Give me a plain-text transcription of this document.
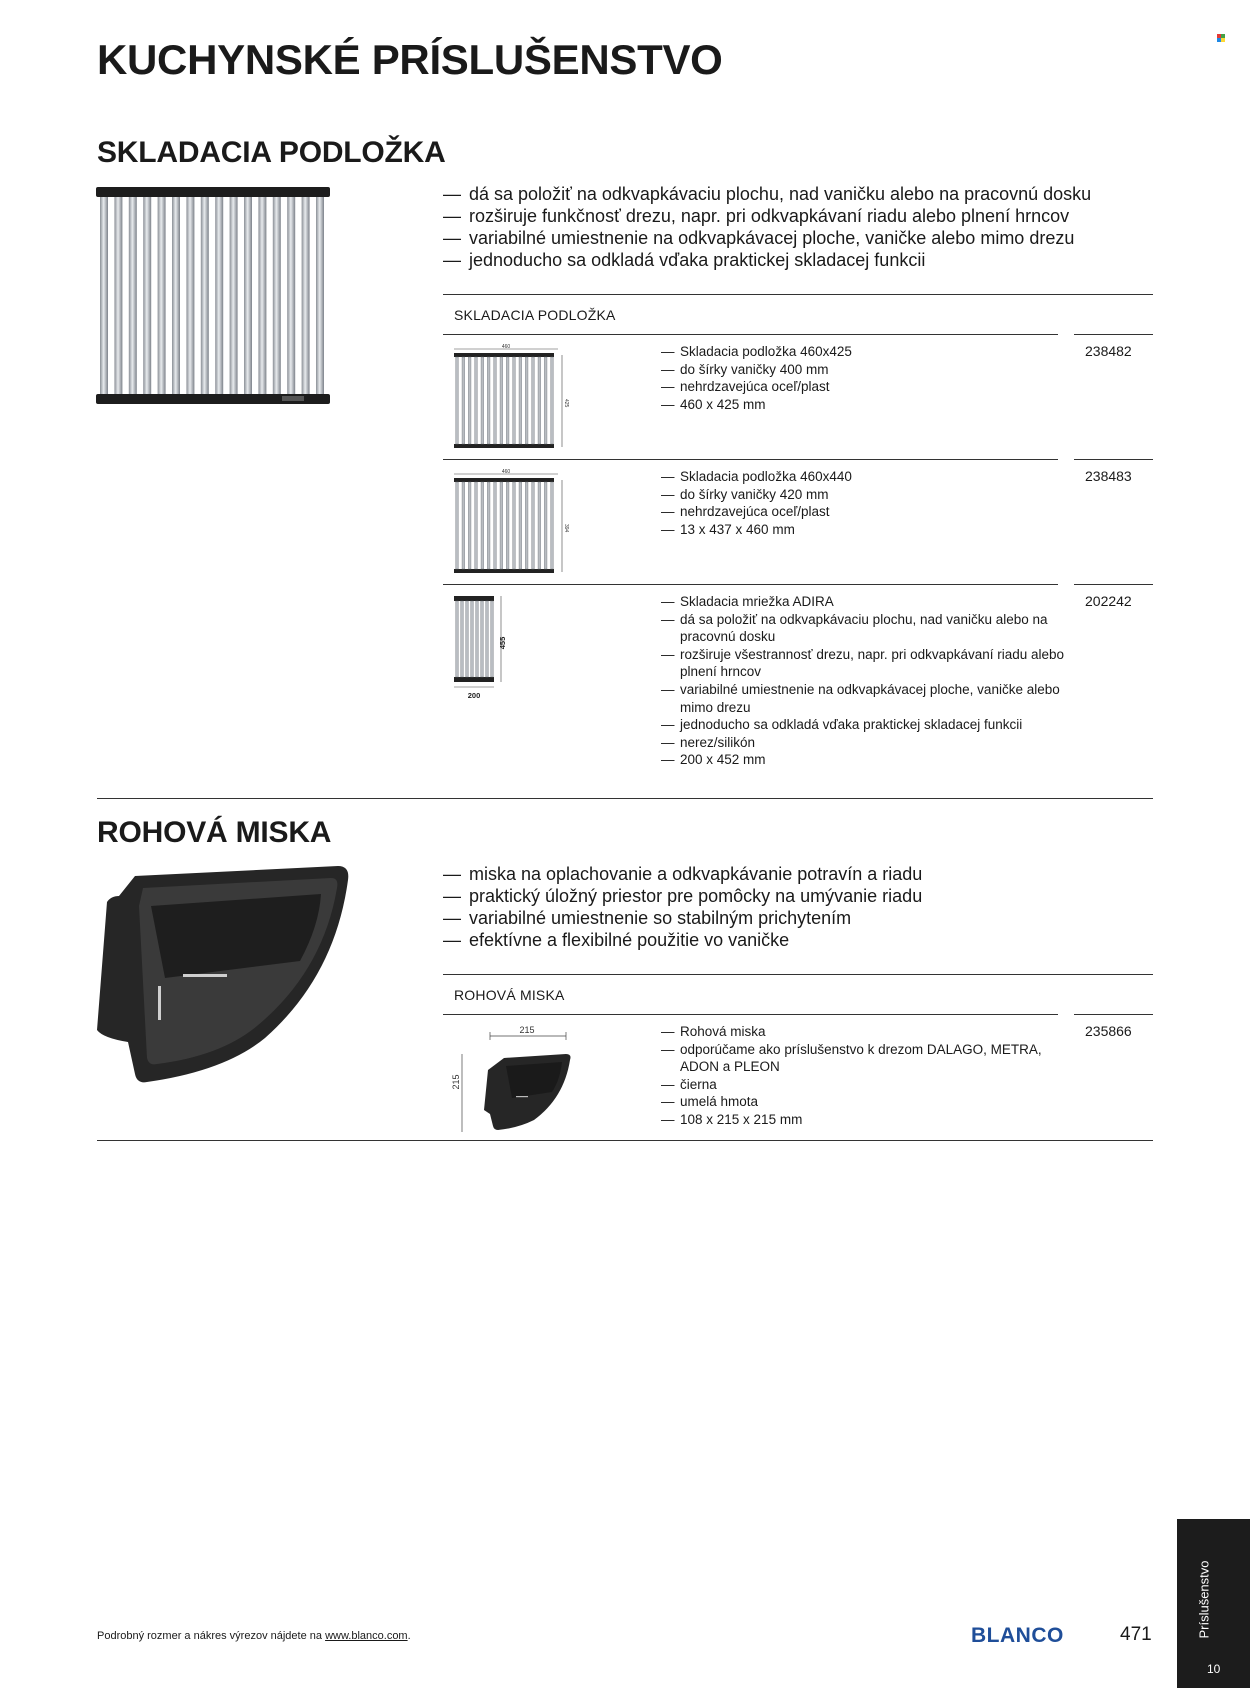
KUCHYNSKÉ PRÍSLUŠENSTVO
SKLADACIA PODLOŽKA
— dá sa položiť na odkvapkávaciu plochu, nad vaničku alebo na pracovnú dosku
— rozširuje funkčnosť drezu, napr. pri odkvapkávaní riadu alebo plnení hrncov
— variabilné umiestnenie na odkvapkávacej ploche, vaničke alebo mimo drezu
— jednoducho sa odkladá vďaka praktickej skladacej funkcii
SKLADACIA PODLOŽKA
460
425
— Skladacia podložka 460x425
— do šírky vaničky 400 mm
— nehrdzavejúca oceľ/plast
— 460 x 425 mm
238482
460
394
— Skladacia podložka 460x440
— do šírky vaničky 420 mm
— nehrdzavejúca oceľ/plast
— 13 x 437 x 460 mm
238483
455
200
— Skladacia mriežka ADIRA
— dá sa položiť na odkvapkávaciu plochu, nad vaničku alebo na pracovnú dosku
— rozširuje všestrannosť drezu, napr. pri odkvapkávaní riadu alebo plnení hrncov
— variabilné umiestnenie na odkvapkávacej ploche, vaničke alebo mimo drezu
— jednoducho sa odkladá vďaka praktickej skladacej funkcii
— nerez/silikón
— 200 x 452 mm
202242
ROHOVÁ MISKA
— miska na oplachovanie a odkvapkávanie potravín a riadu
— praktický úložný priestor pre pomôcky na umývanie riadu
— variabilné umiestnenie so stabilným prichytením
— efektívne a flexibilné použitie vo vaničke
ROHOVÁ MISKA
215
215
— Rohová miska
— odporúčame ako príslušenstvo k drezom DALAGO, METRA, ADON a PLEON
— čierna
— umelá hmota
— 108 x 215 x 215 mm
235866
Podrobný rozmer a nákres výrezov nájdete na www.blanco.com.	BLANCO	471	Príslušenstvo
10
